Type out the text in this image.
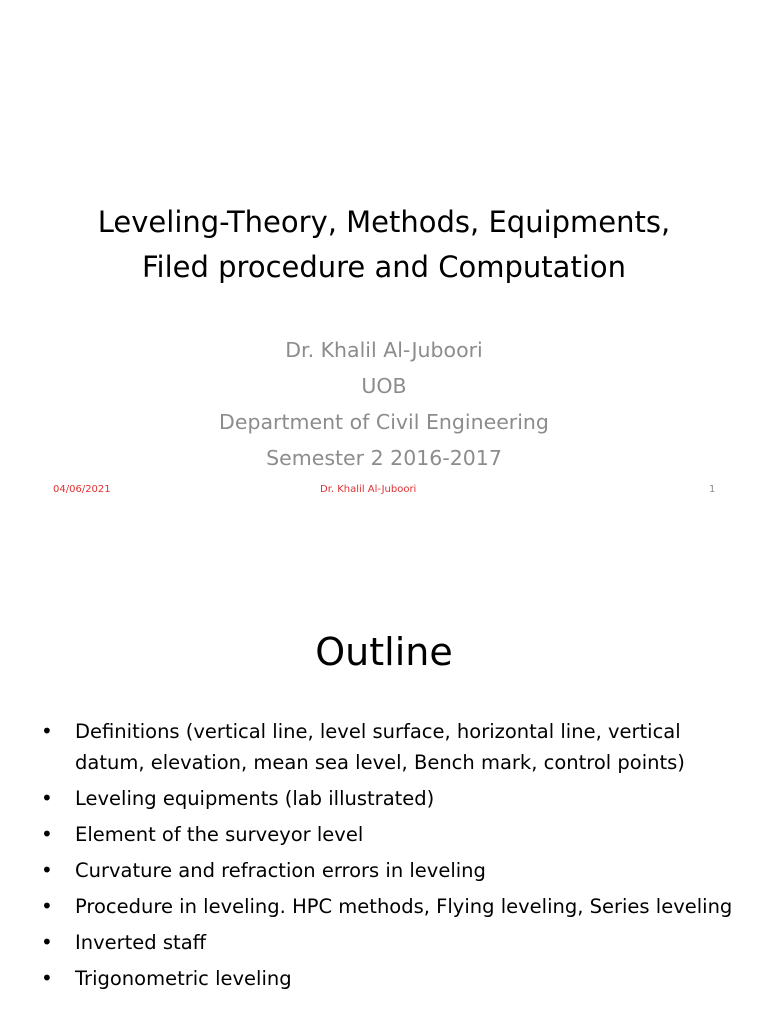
Leveling-Theory, Methods, Equipments,
Filed procedure and Computation
Dr. Khalil Al-Juboori
UOB
Department of Civil Engineering
Semester 2 2016-2017
04/06/2021	Dr. Khalil Al-Juboori	1
Outline
• Definitions (vertical line, level surface, horizontal line, vertical datum, elevation, mean sea level, Bench mark, control points)
• Leveling equipments (lab illustrated)
• Element of the surveyor level
• Curvature and refraction errors in leveling
• Procedure in leveling. HPC methods, Flying leveling, Series leveling
• Inverted staff
• Trigonometric leveling
